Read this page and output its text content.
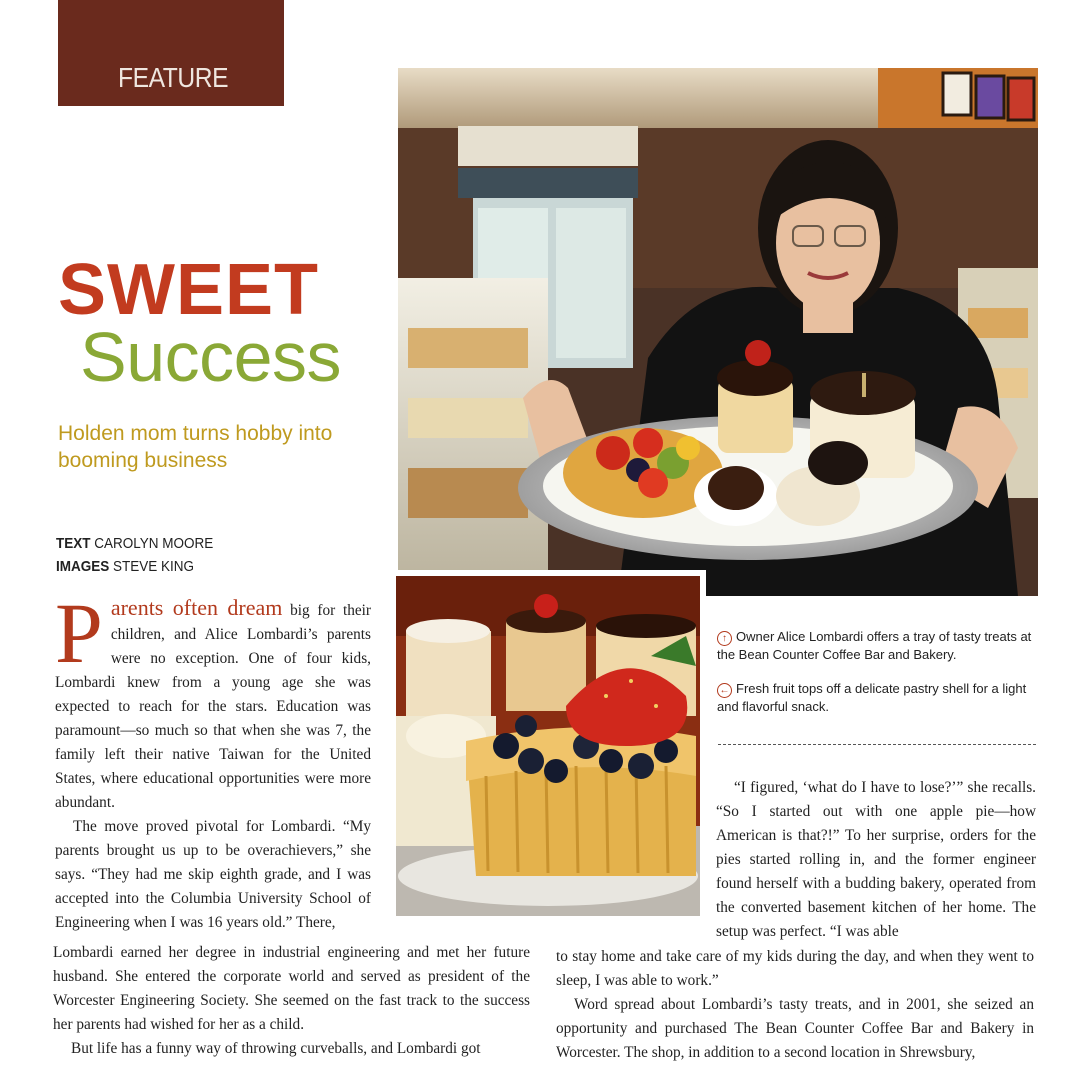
FEATURE
SWEET
Success
Holden mom turns hobby into booming business
TEXT CAROLYN MOORE
IMAGES STEVE KING
↑ Owner Alice Lombardi offers a tray of tasty treats at the Bean Counter Coffee Bar and Bakery.
← Fresh fruit tops off a delicate pastry shell for a light and flavorful snack.

Parents often dream big for their children, and Alice Lombardi’s parents were no exception. One of four kids, Lombardi knew from a young age she was expected to reach for the stars. Education was paramount—so much so that when she was 7, the family left their native Taiwan for the United States, where educational opportunities were more abundant.

The move proved pivotal for Lombardi. “My parents brought us up to be overachievers,” she says. “They had me skip eighth grade, and I was accepted into the Columbia University School of Engineering when I was 16 years old.” There,

“I figured, ‘what do I have to lose?’” she recalls. “So I started out with one apple pie—how American is that?!” To her surprise, orders for the pies started rolling in, and the former engineer found herself with a budding bakery, operated from the converted basement kitchen of her home. The setup was perfect. “I was able

Lombardi earned her degree in industrial engineering and met her future husband. She entered the corporate world and served as president of the Worcester Engineering Society. She seemed on the fast track to the success her parents had wished for her as a child.

But life has a funny way of throwing curveballs, and Lombardi got

to stay home and take care of my kids during the day, and when they went to sleep, I was able to work.”

Word spread about Lombardi’s tasty treats, and in 2001, she seized an opportunity and purchased The Bean Counter Coffee Bar and Bakery in Worcester. The shop, in addition to a second location in Shrewsbury,
